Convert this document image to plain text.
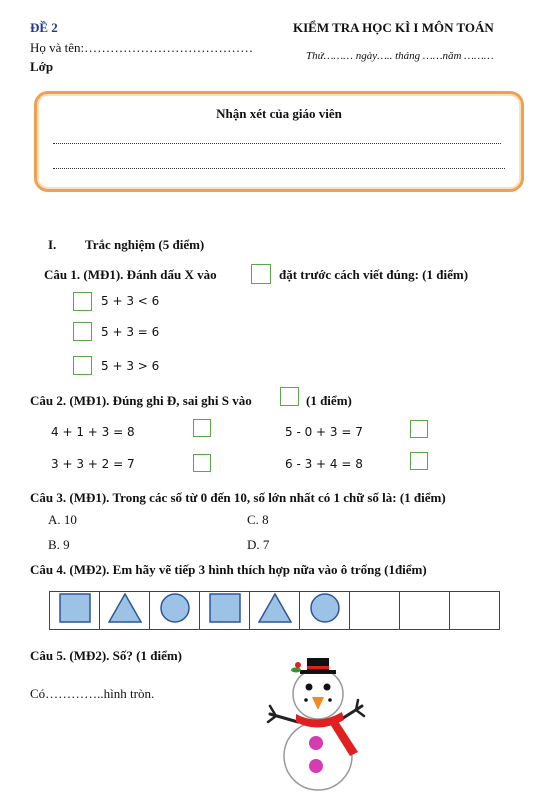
ĐỀ 2	KIỂM TRA HỌC KÌ I MÔN TOÁN
Họ và tên:…………………………………
Thứ……… ngày….. tháng ……năm ………
Lớp
Nhận xét của giáo viên
I. Trắc nghiệm (5 điểm)
Câu 1. (MĐ1). Đánh dấu X vào	đặt trước cách viết đúng: (1 điểm)
5 + 3 < 6
5 + 3 = 6
5 + 3 > 6
Câu 2. (MĐ1). Đúng ghi Đ, sai ghi S vào	(1 điểm)
4 + 1 + 3 = 8	5 - 0 + 3 = 7
3 + 3 + 2 = 7	6 - 3 + 4 = 8
Câu 3. (MĐ1). Trong các số từ 0 đến 10, số lớn nhất có 1 chữ số là: (1 điểm)
A. 10	C. 8
B. 9	D. 7
Câu 4. (MĐ2). Em hãy vẽ tiếp 3 hình thích hợp nữa vào ô trống (1điểm)

Câu 5. (MĐ2). Số? (1 điểm)
Có…………..hình tròn.
